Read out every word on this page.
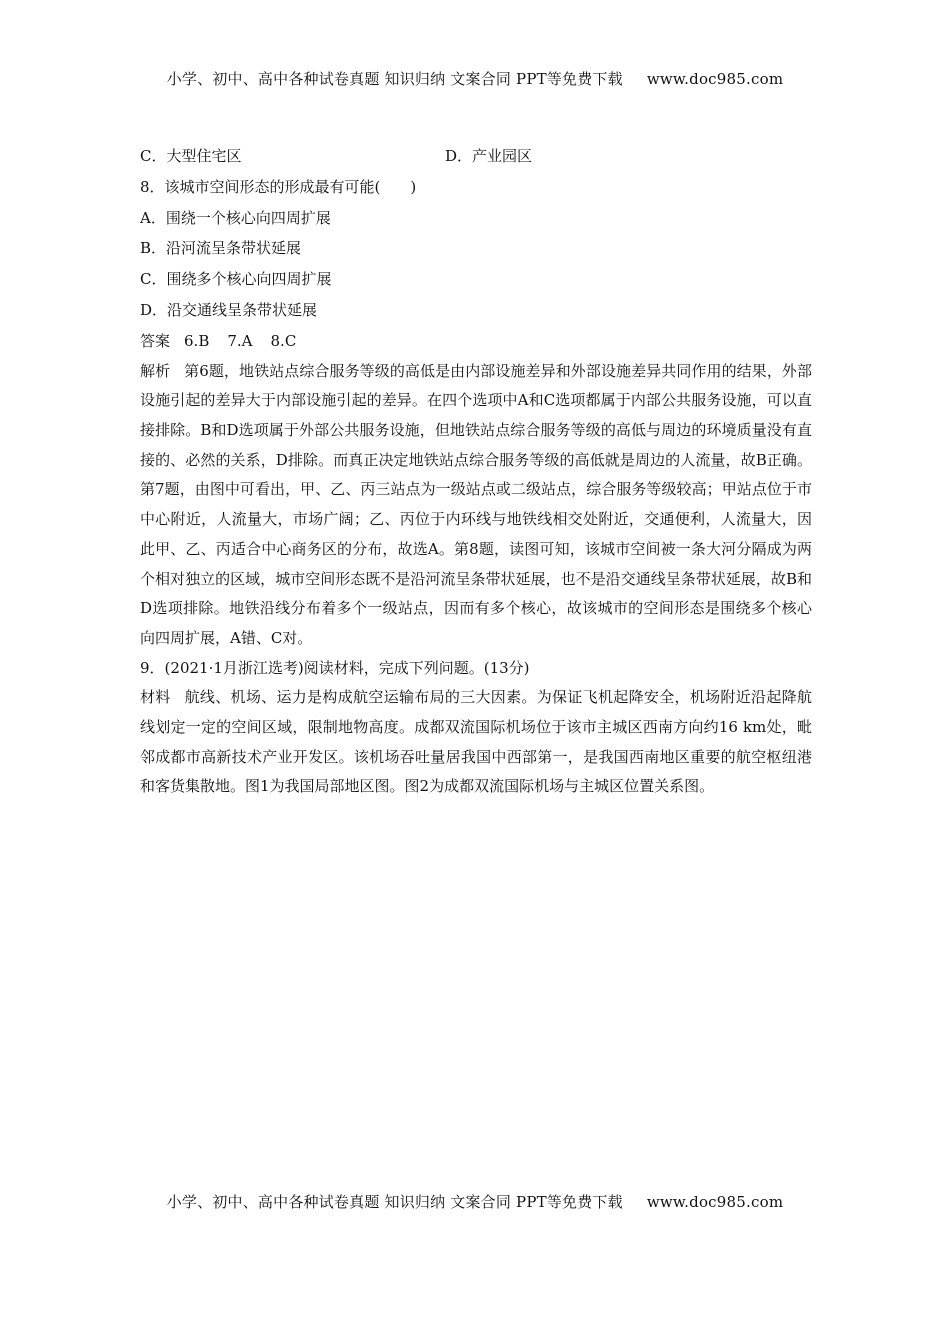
小学、初中、高中各种试卷真题 知识归纳 文案合同 PPT等免费下载 www.doc985.com
C．大型住宅区	D．产业园区
8．该城市空间形态的形成最有可能(　　)
A．围绕一个核心向四周扩展
B．沿河流呈条带状延展
C．围绕多个核心向四周扩展
D．沿交通线呈条带状延展
答案 6.B 7.A 8.C
解析 第6题，地铁站点综合服务等级的高低是由内部设施差异和外部设施差异共同作用的结果，外部设施引起的差异大于内部设施引起的差异。在四个选项中A和C选项都属于内部公共服务设施，可以直接排除。B和D选项属于外部公共服务设施，但地铁站点综合服务等级的高低与周边的环境质量没有直接的、必然的关系，D排除。而真正决定地铁站点综合服务等级的高低就是周边的人流量，故B正确。第7题，由图中可看出，甲、乙、丙三站点为一级站点或二级站点，综合服务等级较高；甲站点位于市中心附近，人流量大，市场广阔；乙、丙位于内环线与地铁线相交处附近，交通便利，人流量大，因此甲、乙、丙适合中心商务区的分布，故选A。第8题，读图可知，该城市空间被一条大河分隔成为两个相对独立的区域，城市空间形态既不是沿河流呈条带状延展，也不是沿交通线呈条带状延展，故B和D选项排除。地铁沿线分布着多个一级站点，因而有多个核心，故该城市的空间形态是围绕多个核心向四周扩展，A错、C对。
9．(2021·1月浙江选考)阅读材料，完成下列问题。(13分)
材料 航线、机场、运力是构成航空运输布局的三大因素。为保证飞机起降安全，机场附近沿起降航线划定一定的空间区域，限制地物高度。成都双流国际机场位于该市主城区西南方向约16 km处，毗邻成都市高新技术产业开发区。该机场吞吐量居我国中西部第一，是我国西南地区重要的航空枢纽港和客货集散地。图1为我国局部地区图。图2为成都双流国际机场与主城区位置关系图。
小学、初中、高中各种试卷真题 知识归纳 文案合同 PPT等免费下载 www.doc985.com
